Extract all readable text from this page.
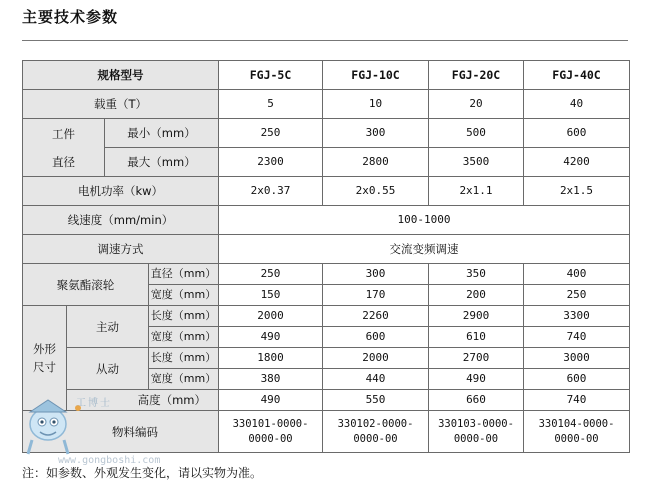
主要技术参数
规格型号				FGJ-5C	FGJ-10C	FGJ-20C	FGJ-40C
载重（T）				5	10	20	40

工件
直径		最小（mm）		250	300	500	600
		最大（mm）		2300	2800	3500	4200
电机功率（kw）				2x0.37	2x0.55	2x1.1	2x1.5
线速度（mm/min）				100-1000			
调速方式				交流变频调速			
聚氨酯滚轮			直径（mm）	250	300	350	400
			宽度（mm）	150	170	200	250
外形尺寸	主动		长度（mm）	2000	2260	2900	3300
			宽度（mm）	490	600	610	740
	从动		长度（mm）	1800	2000	2700	3000
			宽度（mm）	380	440	490	600
	高度（mm）			490	550	660	740
物料编码				330101-0000-0000-00	330102-0000-0000-00	330103-0000-0000-00	330104-0000-0000-00
工博士
www.gongboshi.com
注：如参数、外观发生变化，请以实物为准。
